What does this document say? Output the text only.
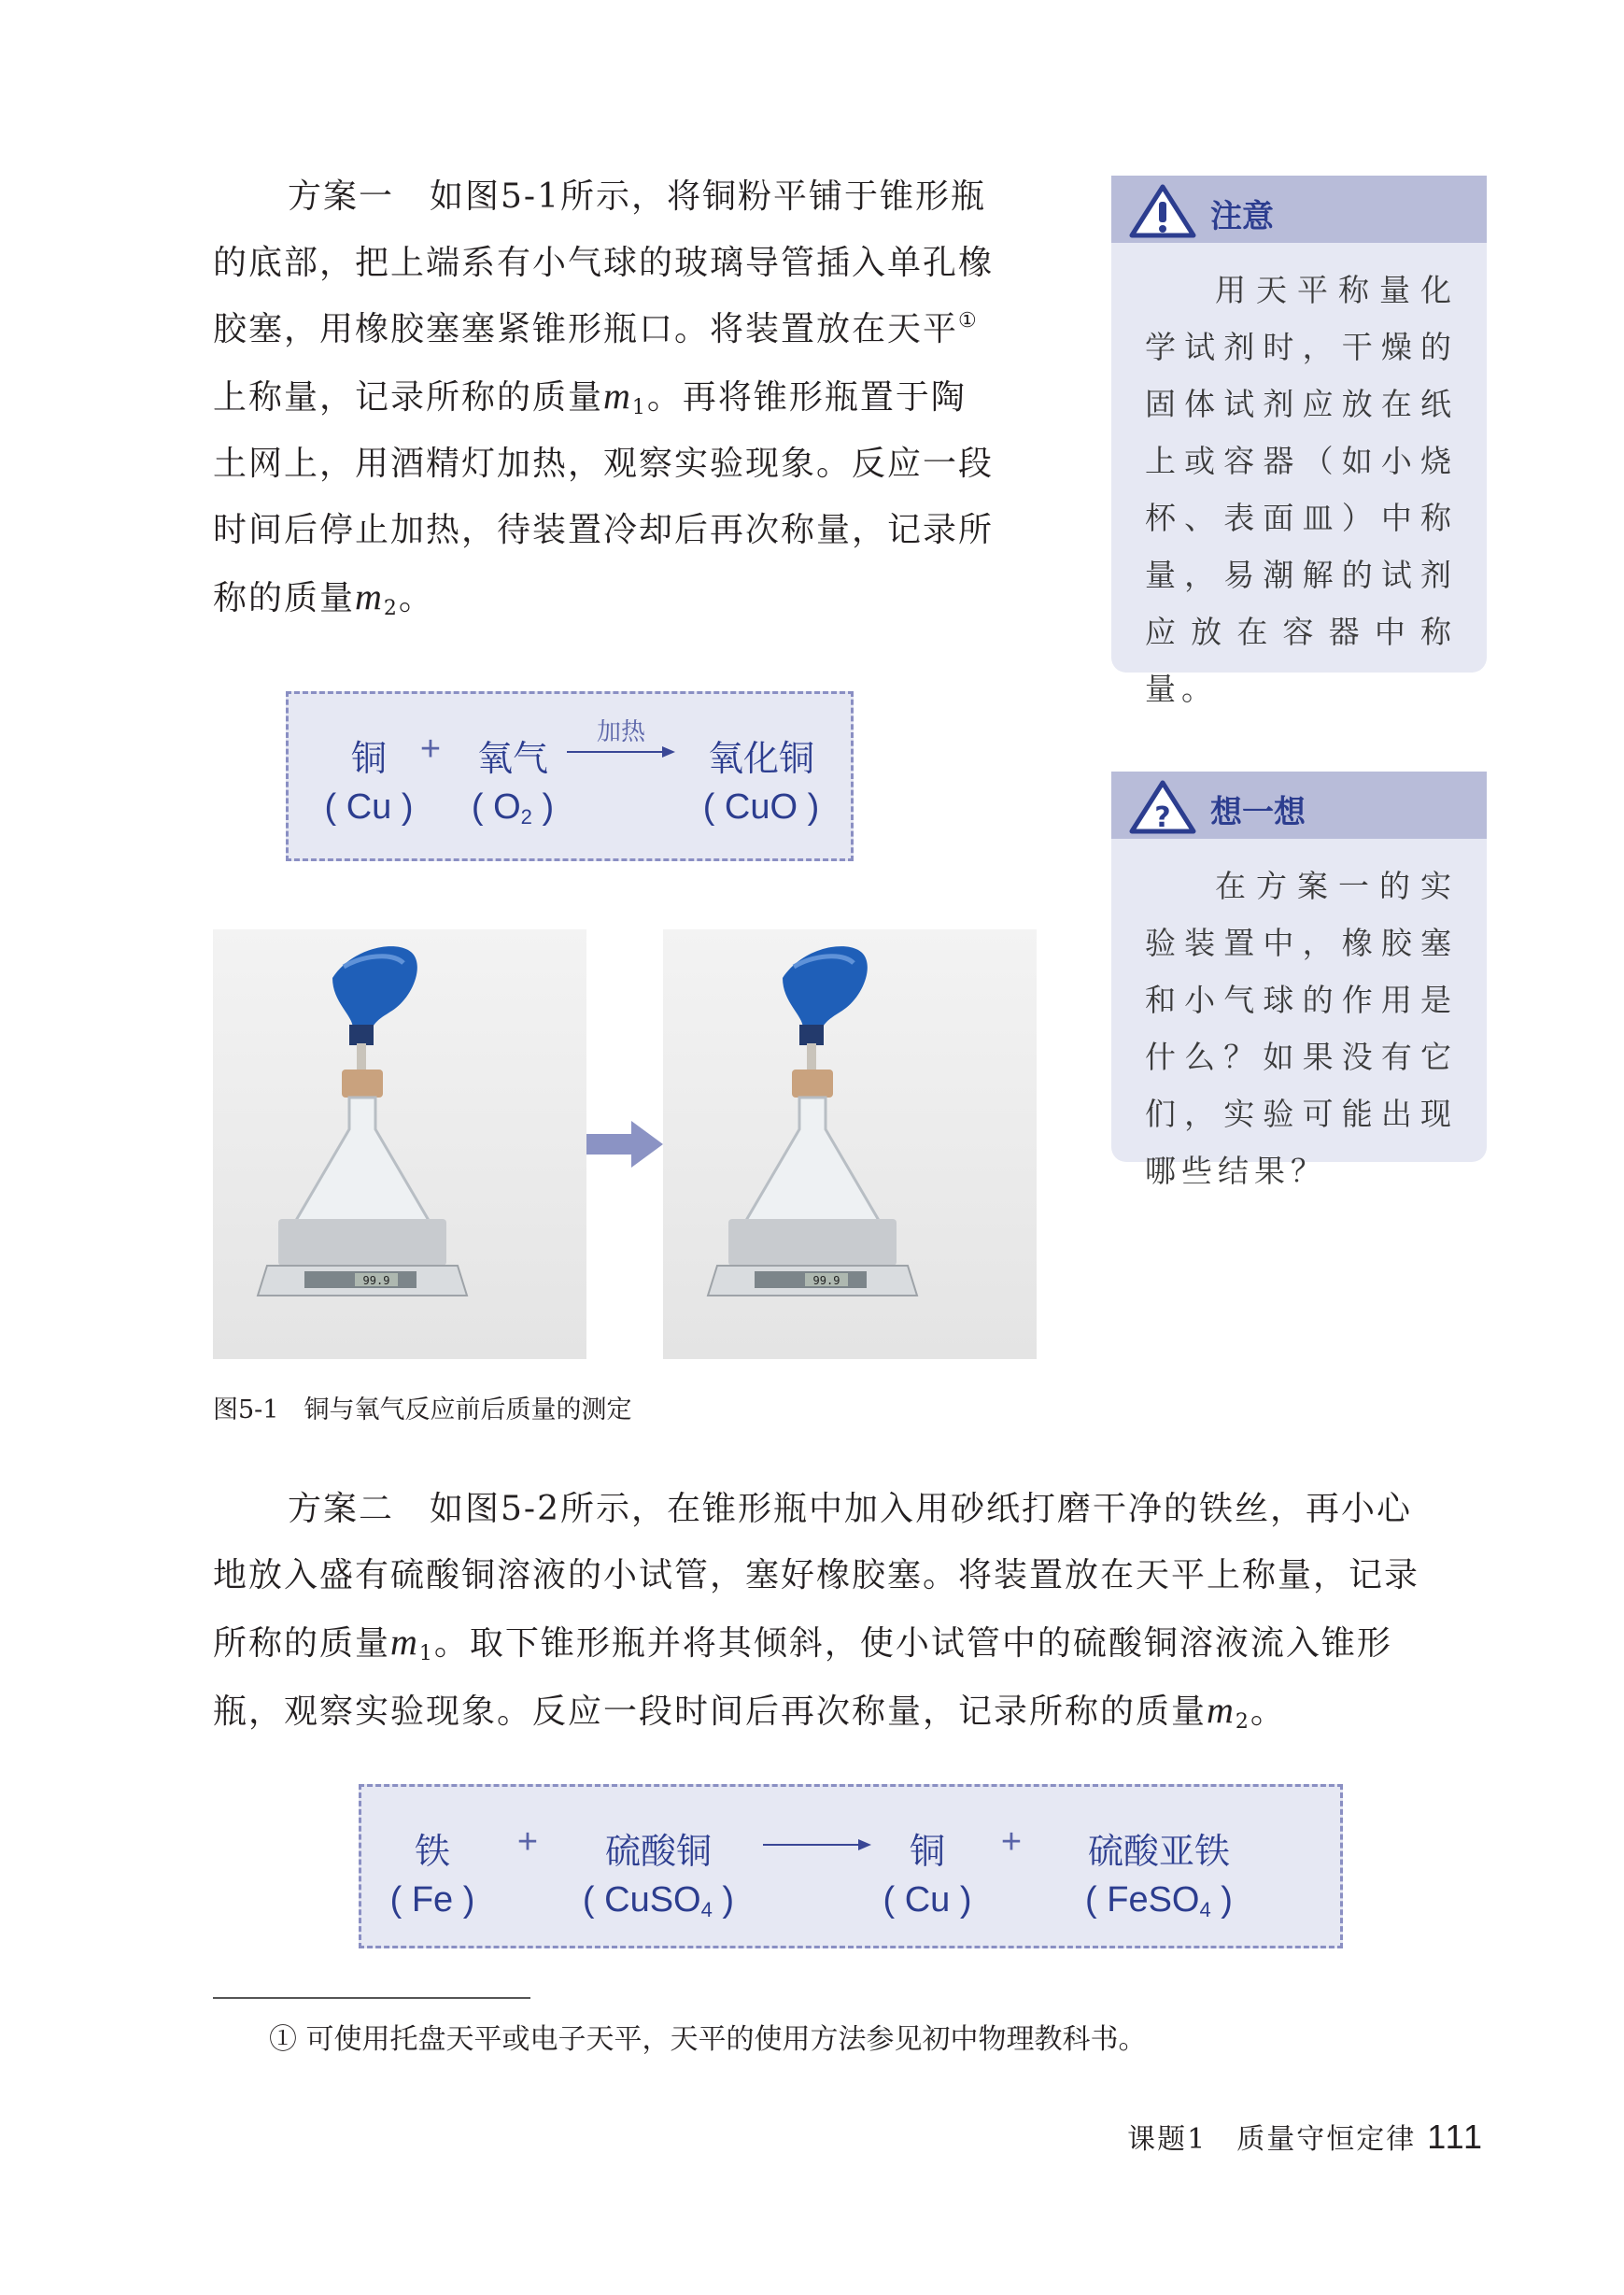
方案一　 如图5-1所示，将铜粉平铺于锥形瓶
的底部，把上端系有小气球的玻璃导管插入单孔橡
胶塞，用橡胶塞塞紧锥形瓶口。将装置放在天平①
上称量，记录所称的质量$m_1$。再将锥形瓶置于陶
土网上，用酒精灯加热，观察实验现象。反应一段
时间后停止加热，待装置冷却后再次称量，记录所
称的质量$m_2$。
铜
( Cu )
+ 氧气
( $O_2$ )
加热
氧化铜
( CuO )
注意
用天平称量化学试剂时，干燥的固体试剂应放在纸上或容器（如小烧杯、表面皿）中称量，易潮解的试剂应放在容器中称量。
? 想一想
在方案一的实验装置中，橡胶塞和小气球的作用是什么？如果没有它们，实验可能出现哪些结果？
99.9	99.9
图5-1　 铜与氧气反应前后质量的测定
方案二　 如图5-2所示，在锥形瓶中加入用砂纸打磨干净的铁丝，再小心
地放入盛有硫酸铜溶液的小试管，塞好橡胶塞。将装置放在天平上称量，记录
所称的质量$m_1$。取下锥形瓶并将其倾斜，使小试管中的硫酸铜溶液流入锥形
瓶，观察实验现象。反应一段时间后再次称量，记录所称的质量$m_2$。
铁
( Fe )
+ 硫酸铜
( CuSO$_4$ )
铜
( Cu )
+ 硫酸亚铁
( FeSO$_4$ )
① 可使用托盘天平或电子天平，天平的使用方法参见初中物理教科书。
课题1　质量守恒定律 111
